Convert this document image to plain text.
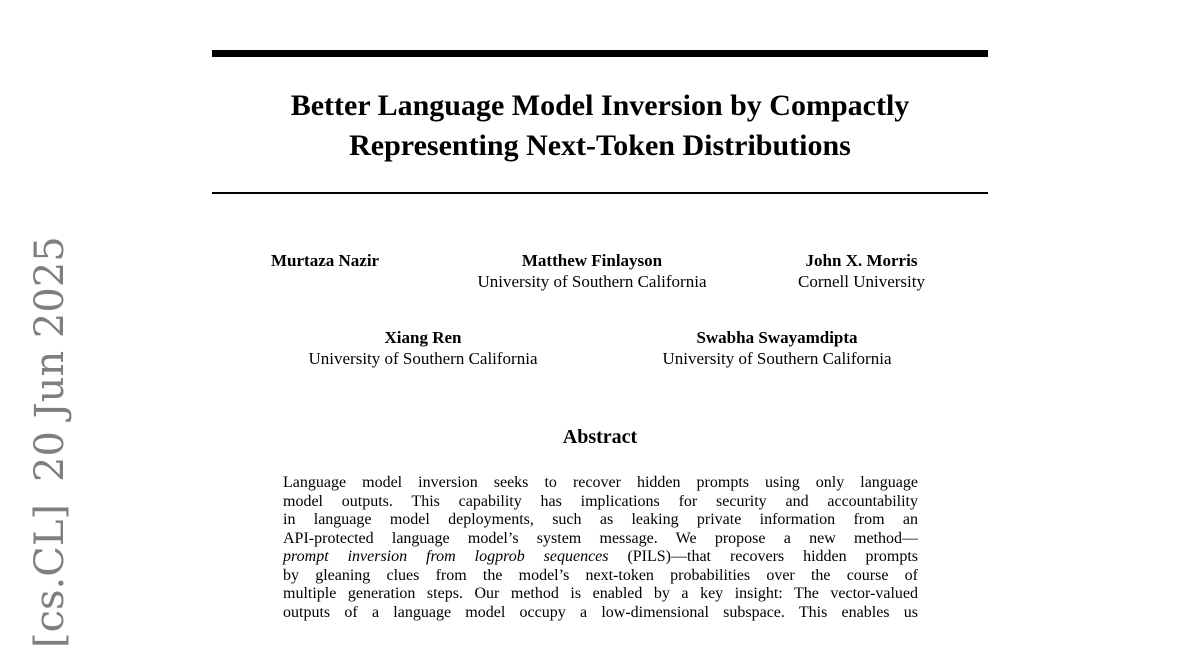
Better Language Model Inversion by Compactly
Representing Next-Token Distributions
Murtaza Nazir	Matthew Finlayson
University of Southern California
John X. Morris
Cornell University
Xiang Ren
University of Southern California
Swabha Swayamdipta
University of Southern California
Abstract
Language model inversion seeks to recover hidden prompts using only language
model outputs. This capability has implications for security and accountability
in language model deployments, such as leaking private information from an
API-protected language model’s system message. We propose a new method—
prompt inversion from logprob sequences (PILS)—that recovers hidden prompts
by gleaning clues from the model’s next-token probabilities over the course of
multiple generation steps. Our method is enabled by a key insight: The vector-valued
outputs of a language model occupy a low-dimensional subspace. This enables us
[cs.CL]20 Jun 2025
